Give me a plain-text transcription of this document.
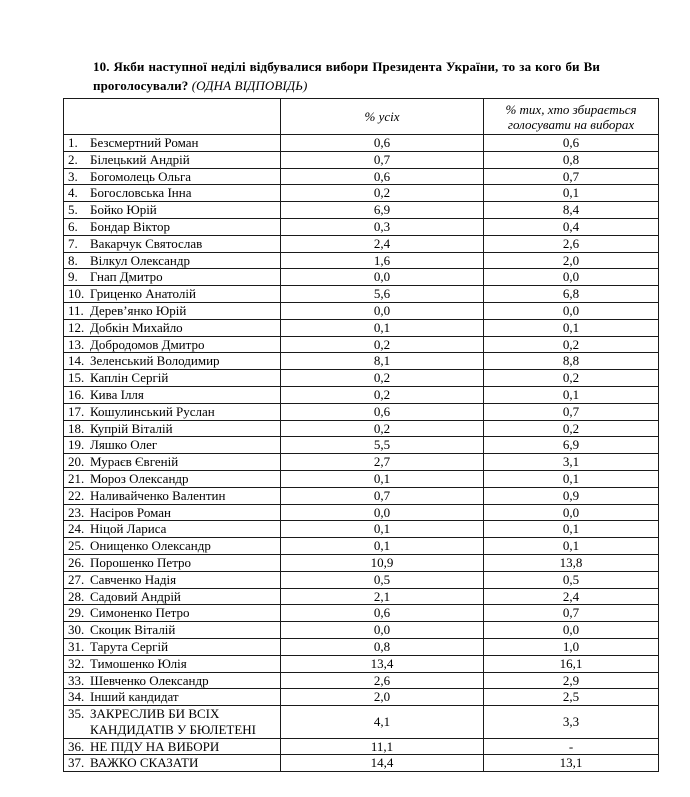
10. Якби наступної неділі відбувалися вибори Президента України, то за кого би Ви проголосували? (ОДНА ВІДПОВІДЬ)

	% усіх	% тих, хто збирається голосувати на виборах

1. Безсмертний Роман	0,6	0,6

2. Білецький Андрій	0,7	0,8

3. Богомолець Ольга	0,6	0,7

4. Богословська Інна	0,2	0,1

5. Бойко Юрій	6,9	8,4

6. Бондар Віктор	0,3	0,4

7. Вакарчук Святослав	2,4	2,6

8. Вілкул Олександр	1,6	2,0

9. Гнап Дмитро	0,0	0,0

10. Гриценко Анатолій	5,6	6,8

11. Дерев’янко Юрій	0,0	0,0

12. Добкін Михайло	0,1	0,1

13. Добродомов Дмитро	0,2	0,2

14. Зеленський Володимир	8,1	8,8

15. Каплін Сергій	0,2	0,2

16. Кива Ілля	0,2	0,1

17. Кошулинський Руслан	0,6	0,7

18. Купрій Віталій	0,2	0,2

19. Ляшко Олег	5,5	6,9

20. Мураєв Євгеній	2,7	3,1

21. Мороз Олександр	0,1	0,1

22. Наливайченко Валентин	0,7	0,9

23. Насіров Роман	0,0	0,0

24. Ніцой Лариса	0,1	0,1

25. Онищенко Олександр	0,1	0,1

26. Порошенко Петро	10,9	13,8

27. Савченко Надія	0,5	0,5

28. Садовий Андрій	2,1	2,4

29. Симоненко Петро	0,6	0,7

30. Скоцик Віталій	0,0	0,0

31. Тарута Сергій	0,8	1,0

32. Тимошенко Юлія	13,4	16,1

33. Шевченко Олександр	2,6	2,9

34. Інший кандидат	2,0	2,5

35. ЗАКРЕСЛИВ БИ ВСІХ КАНДИДАТІВ У БЮЛЕТЕНІ	4,1	3,3

36. НЕ ПІДУ НА ВИБОРИ	11,1	-

37. ВАЖКО СКАЗАТИ	14,4	13,1
